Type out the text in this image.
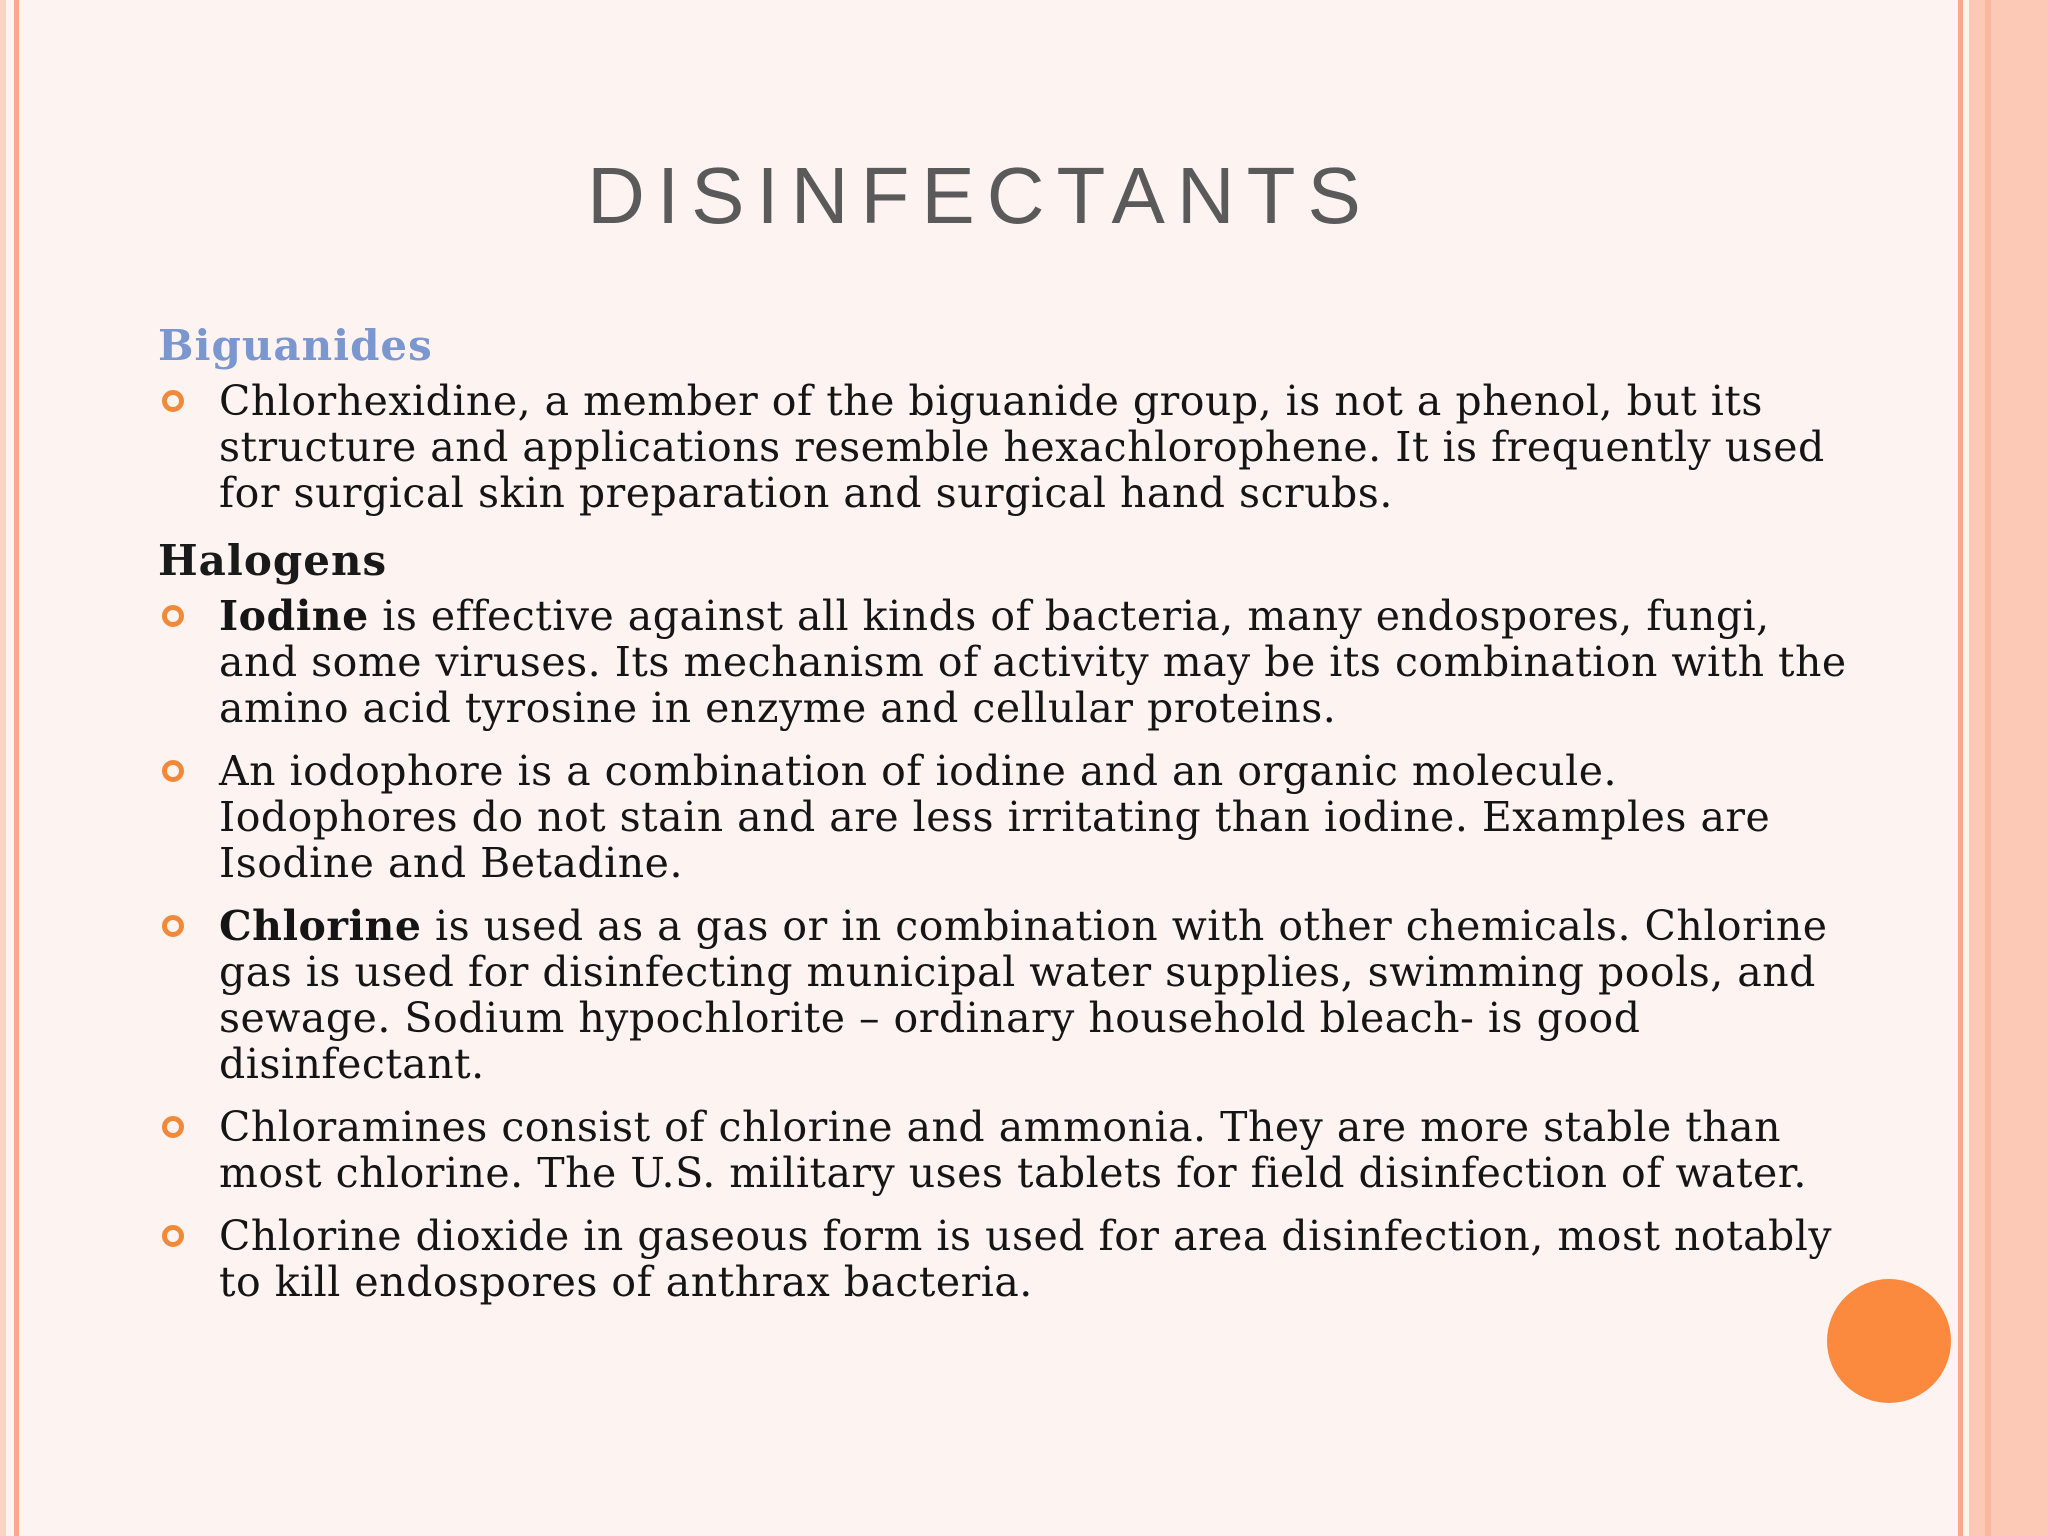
DISINFECTANTS
Biguanides
Chlorhexidine, a member of the biguanide group, is not a phenol, but its structure and applications resemble hexachlorophene. It is frequently used for surgical skin preparation and surgical hand scrubs.
Halogens
Iodine is effective against all kinds of bacteria, many endospores, fungi, and some viruses. Its mechanism of activity may be its combination with the amino acid tyrosine in enzyme and cellular proteins.
An iodophore is a combination of iodine and an organic molecule. Iodophores do not stain and are less irritating than iodine. Examples are Isodine and Betadine.
Chlorine is used as a gas or in combination with other chemicals. Chlorine gas is used for disinfecting municipal water supplies, swimming pools, and sewage. Sodium hypochlorite – ordinary household bleach- is good disinfectant.
Chloramines consist of chlorine and ammonia. They are more stable than most chlorine. The U.S. military uses tablets for field disinfection of water.
Chlorine dioxide in gaseous form is used for area disinfection, most notably to kill endospores of anthrax bacteria.
